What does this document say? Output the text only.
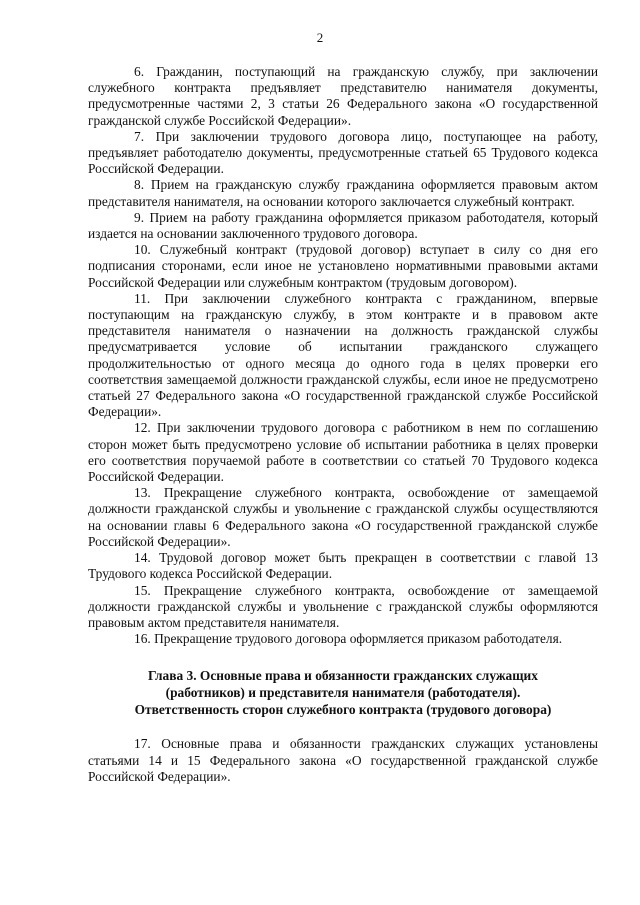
2

6. Гражданин, поступающий на гражданскую службу, при заключении служебного контракта предъявляет представителю нанимателя документы, предусмотренные частями 2, 3 статьи 26 Федерального закона «О государственной гражданской службе Российской Федерации».

7. При заключении трудового договора лицо, поступающее на работу, предъявляет работодателю документы, предусмотренные статьей 65 Трудового кодекса Российской Федерации.

8. Прием на гражданскую службу гражданина оформляется правовым актом представителя нанимателя, на основании которого заключается служебный контракт.

9. Прием на работу гражданина оформляется приказом работодателя, который издается на основании заключенного трудового договора.

10. Служебный контракт (трудовой договор) вступает в силу со дня его подписания сторонами, если иное не установлено нормативными правовыми актами Российской Федерации или служебным контрактом (трудовым договором).

11. При заключении служебного контракта с гражданином, впервые поступающим на гражданскую службу, в этом контракте и в правовом акте представителя нанимателя о назначении на должность гражданской службы предусматривается условие об испытании гражданского служащего продолжительностью от одного месяца до одного года в целях проверки его соответствия замещаемой должности гражданской службы, если иное не предусмотрено статьей 27 Федерального закона «О государственной гражданской службе Российской Федерации».

12. При заключении трудового договора с работником в нем по соглашению сторон может быть предусмотрено условие об испытании работника в целях проверки его соответствия поручаемой работе в соответствии со статьей 70 Трудового кодекса Российской Федерации.

13. Прекращение служебного контракта, освобождение от замещаемой должности гражданской службы и увольнение с гражданской службы осуществляются на основании главы 6 Федерального закона «О государственной гражданской службе Российской Федерации».

14. Трудовой договор может быть прекращен в соответствии с главой 13 Трудового кодекса Российской Федерации.

15. Прекращение служебного контракта, освобождение от замещаемой должности гражданской службы и увольнение с гражданской службы оформляются правовым актом представителя нанимателя.

16. Прекращение трудового договора оформляется приказом работодателя.

Глава 3. Основные права и обязанности гражданских служащих
(работников) и представителя нанимателя (работодателя).
Ответственность сторон служебного контракта (трудового договора)

17. Основные права и обязанности гражданских служащих установлены статьями 14 и 15 Федерального закона «О государственной гражданской службе Российской Федерации».
